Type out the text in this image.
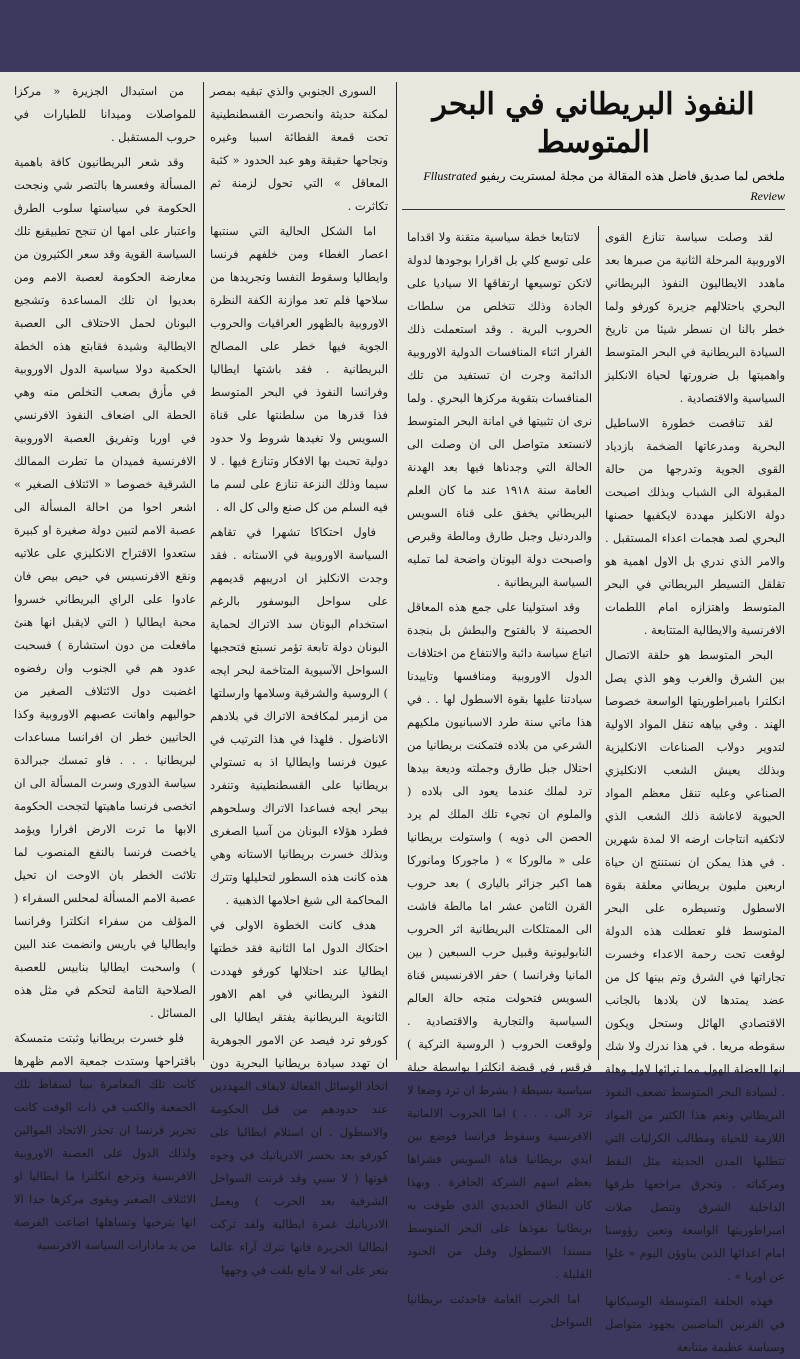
لقد وصلت سياسة تنازع القوى الاوروبية المرحلة الثانية من صبرها بعد ماهدد الايطاليون النفوذ البريطاني البحري باحتلالهم جزيرة كورفو ولما خطر بالنا ان نسطر شيئا من تاريخ السيادة البريطانية في البحر المتوسط واهميتها بل ضرورتها لحياة الانكليز السياسية والاقتصادية .

لقد تناقصت خطورة الاساطيل البحرية ومدرعاتها الضخمة بازدياد القوى الجوية وتدرجها من حالة المقبولة الى الشباب وبذلك اصبحت دولة الانكليز مهددة لايكفيها حصنها البحري لصد هجمات اعداء المستقبل . والامر الذي ندري بل الاول اهمية هو تقلقل التسيطر البريطاني في البحر المتوسط واهتزازه امام اللطمات الافرنسية والايطالية المتتابعة .

البحر المتوسط هو حلقة الاتصال بين الشرق والغرب وهو الذي يصل انكلترا بامبراطوريتها الواسعة خصوصا الهند . وفي بياهه تنقل المواد الاولية لتدوير دولاب الصناعات الانكليزية وبذلك يعيش الشعب الانكليزي الصناعي وعليه تنقل معظم المواد الحيوية لاعاشة ذلك الشعب الذي لاتكفيه انتاجات ارضه الا لمدة شهرين . في هذا يمكن ان نستنتج ان حياة اربعين مليون بريطاني معلقة بقوة الاسطول وتسيطره على البحر المتوسط فلو تعطلت هذه الدولة لوقعت تحت رحمة الاعداء وخسرت تجاراتها في الشرق وتم بينها كل من عضد يمتدها لان بلادها بالجانب الاقتصادي الهائل وستحل ويكون سقوطه مريعا . في هذا ندرك ولا شك انها العضلة الهول مما ترائها لاول وهلة . لسيادة البحر المتوسط تضعف النفوذ البريطاني وتعم هذا الكثير من المواد اللازمة للحياة ومطالب الكرليات التي تتطلبها المدن الحديثة مثل النفط ومركباته . وتحرق مراجعها طرقها الداخلية الشرق وتتصل صلات امبراطوريتها الواسعة وتعين رؤوسنا امام اعدائها الذين يناوؤن اليوم « غلوا عن اوربا » .

فهذه الحلقة المتوسطة الوسيكانها في القرنين الماضيين بجهود متواصل وسياسة عظيمة متتابعة

السورى الجنوبي والذي تبقيه بمصر لمكنة حديثة وانحصرت القسطنطينية تحت قمعة القطائة اسببا وغيره ونجاحها حقيقة وهو عبد الحدود « كثبة المعاقل » التي تحول لزمنة ثم تكاثرت .

اما الشكل الحالية التي سنتبها اعصار الغطاء ومن خلفهم فرنسا وايطاليا وسقوط النفسا وتجريدها من سلاحها فلم تعد موازنة الكفة النظرة الاوروبية بالظهور العراقيات والحروب الجوية فيها خطر على المصالح البريطانية . فقد باشتها ايطاليا وفرانسا النفوذ في البحر المتوسط فذا قدرها من سلطنتها على قناة السويس ولا تغيدها شروط ولا حدود دولية تحبث بها الافكار وتنازع فيها . لا سيما وذلك النزعة تنازع على لسم ما فيه السلم من كل صنع والى كل اله .

فاول احتكاكا تشهرا في تقاهم السياسة الاوروبية في الاستانه . فقد وجدت الانكليز ان ادريبهم قديمهم على سواحل البوسفور بالرغم استخدام البونان سد الاتراك لحماية البونان دولة تابعة تؤمر نسبتع فتحجبها السواحل الآسيوية المتاخمة لبحر ايجه ) الروسية والشرقية وسلامها وارسلتها من ازمير لمكافحة الاتراك في بلادهم الاناضول . فلهذا في هذا الترتيب في عيون فرنسا وايطاليا اذ به تستولي بريطانيا على القسطنطينية وتنفرد بيحر ايجه فساعدا الاتراك وسلحوهم فطرد هؤلاء البونان من آسيا الصغرى وبذلك خسرت بريطانيا الاستانه وهي هذه كانت هذه السطور لتحليلها وتترك المحاكمة الى شيغ احلامها الذهبية .

هدف كانت الخطوة الاولى في احتكاك الدول اما الثانية فقد خطتها ايطاليا عند احتلالها كورفو فهددت النفوذ البريطاني في اهم الاهور الثانوية البريطانية يفتقر ايطاليا الى كورفو ترد فيصد عن الامور الجوهرية ان تهدد سيادة بريطانيا البحرية دون اتخاذ الوسائل الفعالة لايقاف المهددين عند حدودهم من قبل الحكومة والاسطول . ان استلام ايطاليا على كورفو يعد بحسر الادرياتيك في وجوه قوتها ( لا سبي وقد قرنت السواحل الشرقية بعد الحرب ) وبعمل الادرياتيك غمرة ايطالية ولقد تركت ايطاليا الجزيرة فانها تترك آراء عالما بتعر على انه لا مانع بلقت في وجهها

من استبدال الجزيرة « مركزا للمواصلات وميدانا للطيارات في حروب المستقبل .

وقد شعر البريطانيون كافة باهمية المسألة وفعسرها بالتصر شي ونجحت الحكومة في سياستها سلوب الطرق واعتبار على امها ان تنجح تطبيقيع تلك السياسة القوية وقد سعر الكثيرون من معارضة الحكومة لعصبة الامم ومن بعديوا ان تلك المساعدة وتشجيع البونان لحمل الاحتلاف الى العصبة الايطالية وشيدة فقابتع هذه الخطة الحكمية دولا سياسية الدول الاوروبية في مأزق بصعب التخلص منه وهي الحطة الى اضعاف النفوذ الافرنسي في اوربا وتفريق العصبة الاوروبية الافرنسية فميدان ما تطرت الممالك الشرقية خصوصا « الائتلاف الصغير » اشعر احوا من احالة المسألة الى عصبة الامم لتبين دولة صغيرة او كبيرة ستعدوا الاقتراح الانكليزي على علاتيه ونقع الافرنسيس في حيص بيص فان عادوا على الراي البريطاني خسروا محبة ايطاليا ( التي لايقبل انها هنئ مافعلت من دون استشارة ) فسحبت عدود هم في الجنوب وان رفضوه اغضبت دول الائتلاف الصغير من حواليهم واهانت عصبهم الاوروبية وكذا الحانيين خطر ان افرانسا مساعدات لبريطانيا . . . فاو تمسك جبرالدة سياسة الدورى وسرت المسألة الى ان اتخصى فرنسا ماهيتها لتجحت الحكومة الابها ما ترت الارض افرارا ويؤمد ياخصت فرنسا بالنفع المنصوب لما تلاثت الخطر بان الاوحت ان تحيل عصبة الامم المسألة لمحلس السفراء ( المؤلف من سفراء انكلترا وفرانسا وايطاليا في باريس وانضمت عند البين ) واسحبت ايطاليا بنابيس للعصبة الصلاحية التامة لتحكم في مثل هذه المسائل .

فلو خسرت بريطانيا وثبتت متمسكة باقتراحها وستدت جمعية الامم ظهرها كانت تلك المغامرة ببيا لسقاط تلك الجمعية والكتب في ذات الوقت كانت تجرير فرنسا ان تحذر الاتحاد الموالين ولذلك الدول على العصبة الاوروبية الافرنسية وترجع انكلترا ما ايطاليا او الائتلاف الصغير ويقوى مركزها جدا الا انها يترخيها وتساهلها اضاعت الفرصة من يد مادارات السياسة الافرنسية

النفوذ البريطاني في البحر المتوسط
ملخص لما صديق فاضل هذه المقالة من مجلة لمستريت ريفيو Fllustrated Review

لاتتابعا خطة سياسية متقنة ولا اقداما على توسع كلي بل اقرارا بوجودها لدولة لاتكن توسيعها ارتفاقها الا سياديا على الجادة وذلك تتخلص من سلطات الحروب البرية . وقد استعملت ذلك الفرار اثناء المنافسات الدولية الاوروبية الدائمة وجرت ان تستفيد من تلك المنافسات بتقوية مركزها البحري . ولما نرى ان تثبيتها في امانة البحر المتوسط لانستعد متواصل الى ان وصلت الى الحالة التي وجدناها فيها بعد الهدنة العامة سنة ١٩١٨ عند ما كان العلم البريطاني يخفق على قناة السويس والدردنيل وجبل طارق ومالطة وقبرص واصبحت دولة اليونان واضحة لما تمليه السياسة البريطانية .

وقد استولينا على جمع هذه المعاقل الحصينة لا بالفتوح والبطش بل بنجدة اتباع سياسة دائبة والانتفاع من اختلافات الدول الاوروبية ومنافسها وتاييدنا سيادتنا عليها بقوة الاسطول لها . . في هذا ماتي سنة طرد الاسبانيون ملكيهم الشرعي من بلاده فتمكنت بريطانيا من احتلال جبل طارق وجملته وديعة بيدها ترد لملك عندما يعود الى بلاده ( والملوم ان تجيء تلك الملك لم يرد الحصن الى ذويه ) واستولت بريطانيا على « مالوركا » ( ماجوركا ومانوركا هما اكبر جزائر باليارى ) بعد حروب القرن الثامن عشر اما مالطة فاشت الى الممتلكات البريطانية اثر الحروب النابوليونية وقبيل حرب السبعين ( بين المانيا وفرانسا ) حفر الافرنسيس قناة السويس فتحولت متجه حالة العالم السياسية والتجارية والاقتصادية . ولوقعت الحروب ( الروسية التركية ) فرقس في قبضة انكلترا بواسطة حيلة سياسية بسيطة ( بشرط ان ترد وضعا لا ترد الى . . . ) اما الحروب الالمانية الافرنسية وسقوط فرانسا فوضع بين ايدي بريطانيا قناة السويس فشراها بعظم اسهم الشركة الحافرة . وبهذا كان النطاق الحديدي الذي طوقت به بريطانيا نفوذها على البحر المتوسط مسندا الاسطول وقبل من الجنود القليلة .

اما الحرب العامة فاحدثت بريطانيا السواحل
